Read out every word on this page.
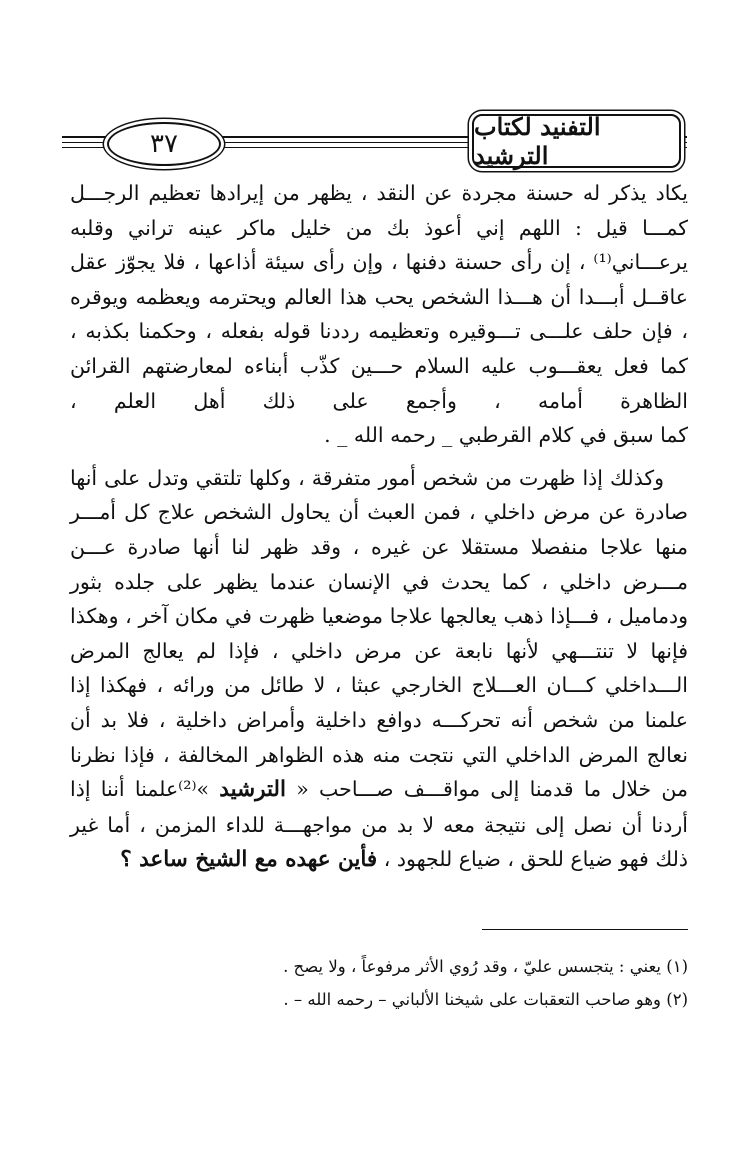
٣٧
التفنيد لكتاب الترشيد

يكاد يذكر له حسنة مجردة عن النقد ، يظهر من إيرادها تعظيم الرجـــل كمـــا قيل : اللهم إني أعوذ بك من خليل ماكر عينه تراني وقلبه يرعـــاني⁽¹⁾ ، إن رأى حسنة دفنها ، وإن رأى سيئة أذاعها ، فلا يجوّز عقل عاقــل أبـــدا أن هـــذا الشخص يحب هذا العالم ويحترمه ويعظمه ويوقره ، فإن حلف علـــى تـــوقيره وتعظيمه رددنا قوله بفعله ، وحكمنا بكذبه ، كما فعل يعقـــوب عليه السلام حـــين كذّب أبناءه لمعارضتهم القرائن الظاهرة أمامه ، وأجمع على ذلك أهل العلم ،

كما سبق في كلام القرطبي _ رحمه الله _ .

وكذلك إذا ظهرت من شخص أمور متفرقة ، وكلها تلتقي وتدل على أنها صادرة عن مرض داخلي ، فمن العبث أن يحاول الشخص علاج كل أمـــر منها علاجا منفصلا مستقلا عن غيره ، وقد ظهر لنا أنها صادرة عـــن مـــرض داخلي ، كما يحدث في الإنسان عندما يظهر على جلده بثور ودماميل ، فـــإذا ذهب يعالجها علاجا موضعيا ظهرت في مكان آخر ، وهكذا فإنها لا تنتـــهي لأنها نابعة عن مرض داخلي ، فإذا لم يعالج المرض الـــداخلي كـــان العـــلاج الخارجي عبثا ، لا طائل من ورائه ، فهكذا إذا علمنا من شخص أنه تحركـــه دوافع داخلية وأمراض داخلية ، فلا بد أن نعالج المرض الداخلي التي نتجت منه هذه الظواهر المخالفة ، فإذا نظرنا من خلال ما قدمنا إلى مواقـــف صـــاحب « الترشيد »⁽²⁾علمنا أننا إذا أردنا أن نصل إلى نتيجة معه لا بد من مواجهـــة للداء المزمن ، أما غير ذلك فهو ضياع للحق ، ضياع للجهود ، فأين عهده مع الشيخ ساعد ؟

(١) يعني : يتجسس عليّ ، وقد رُوي الأثر مرفوعاً ، ولا يصح .
(٢) وهو صاحب التعقبات على شيخنا الألباني – رحمه الله – .
